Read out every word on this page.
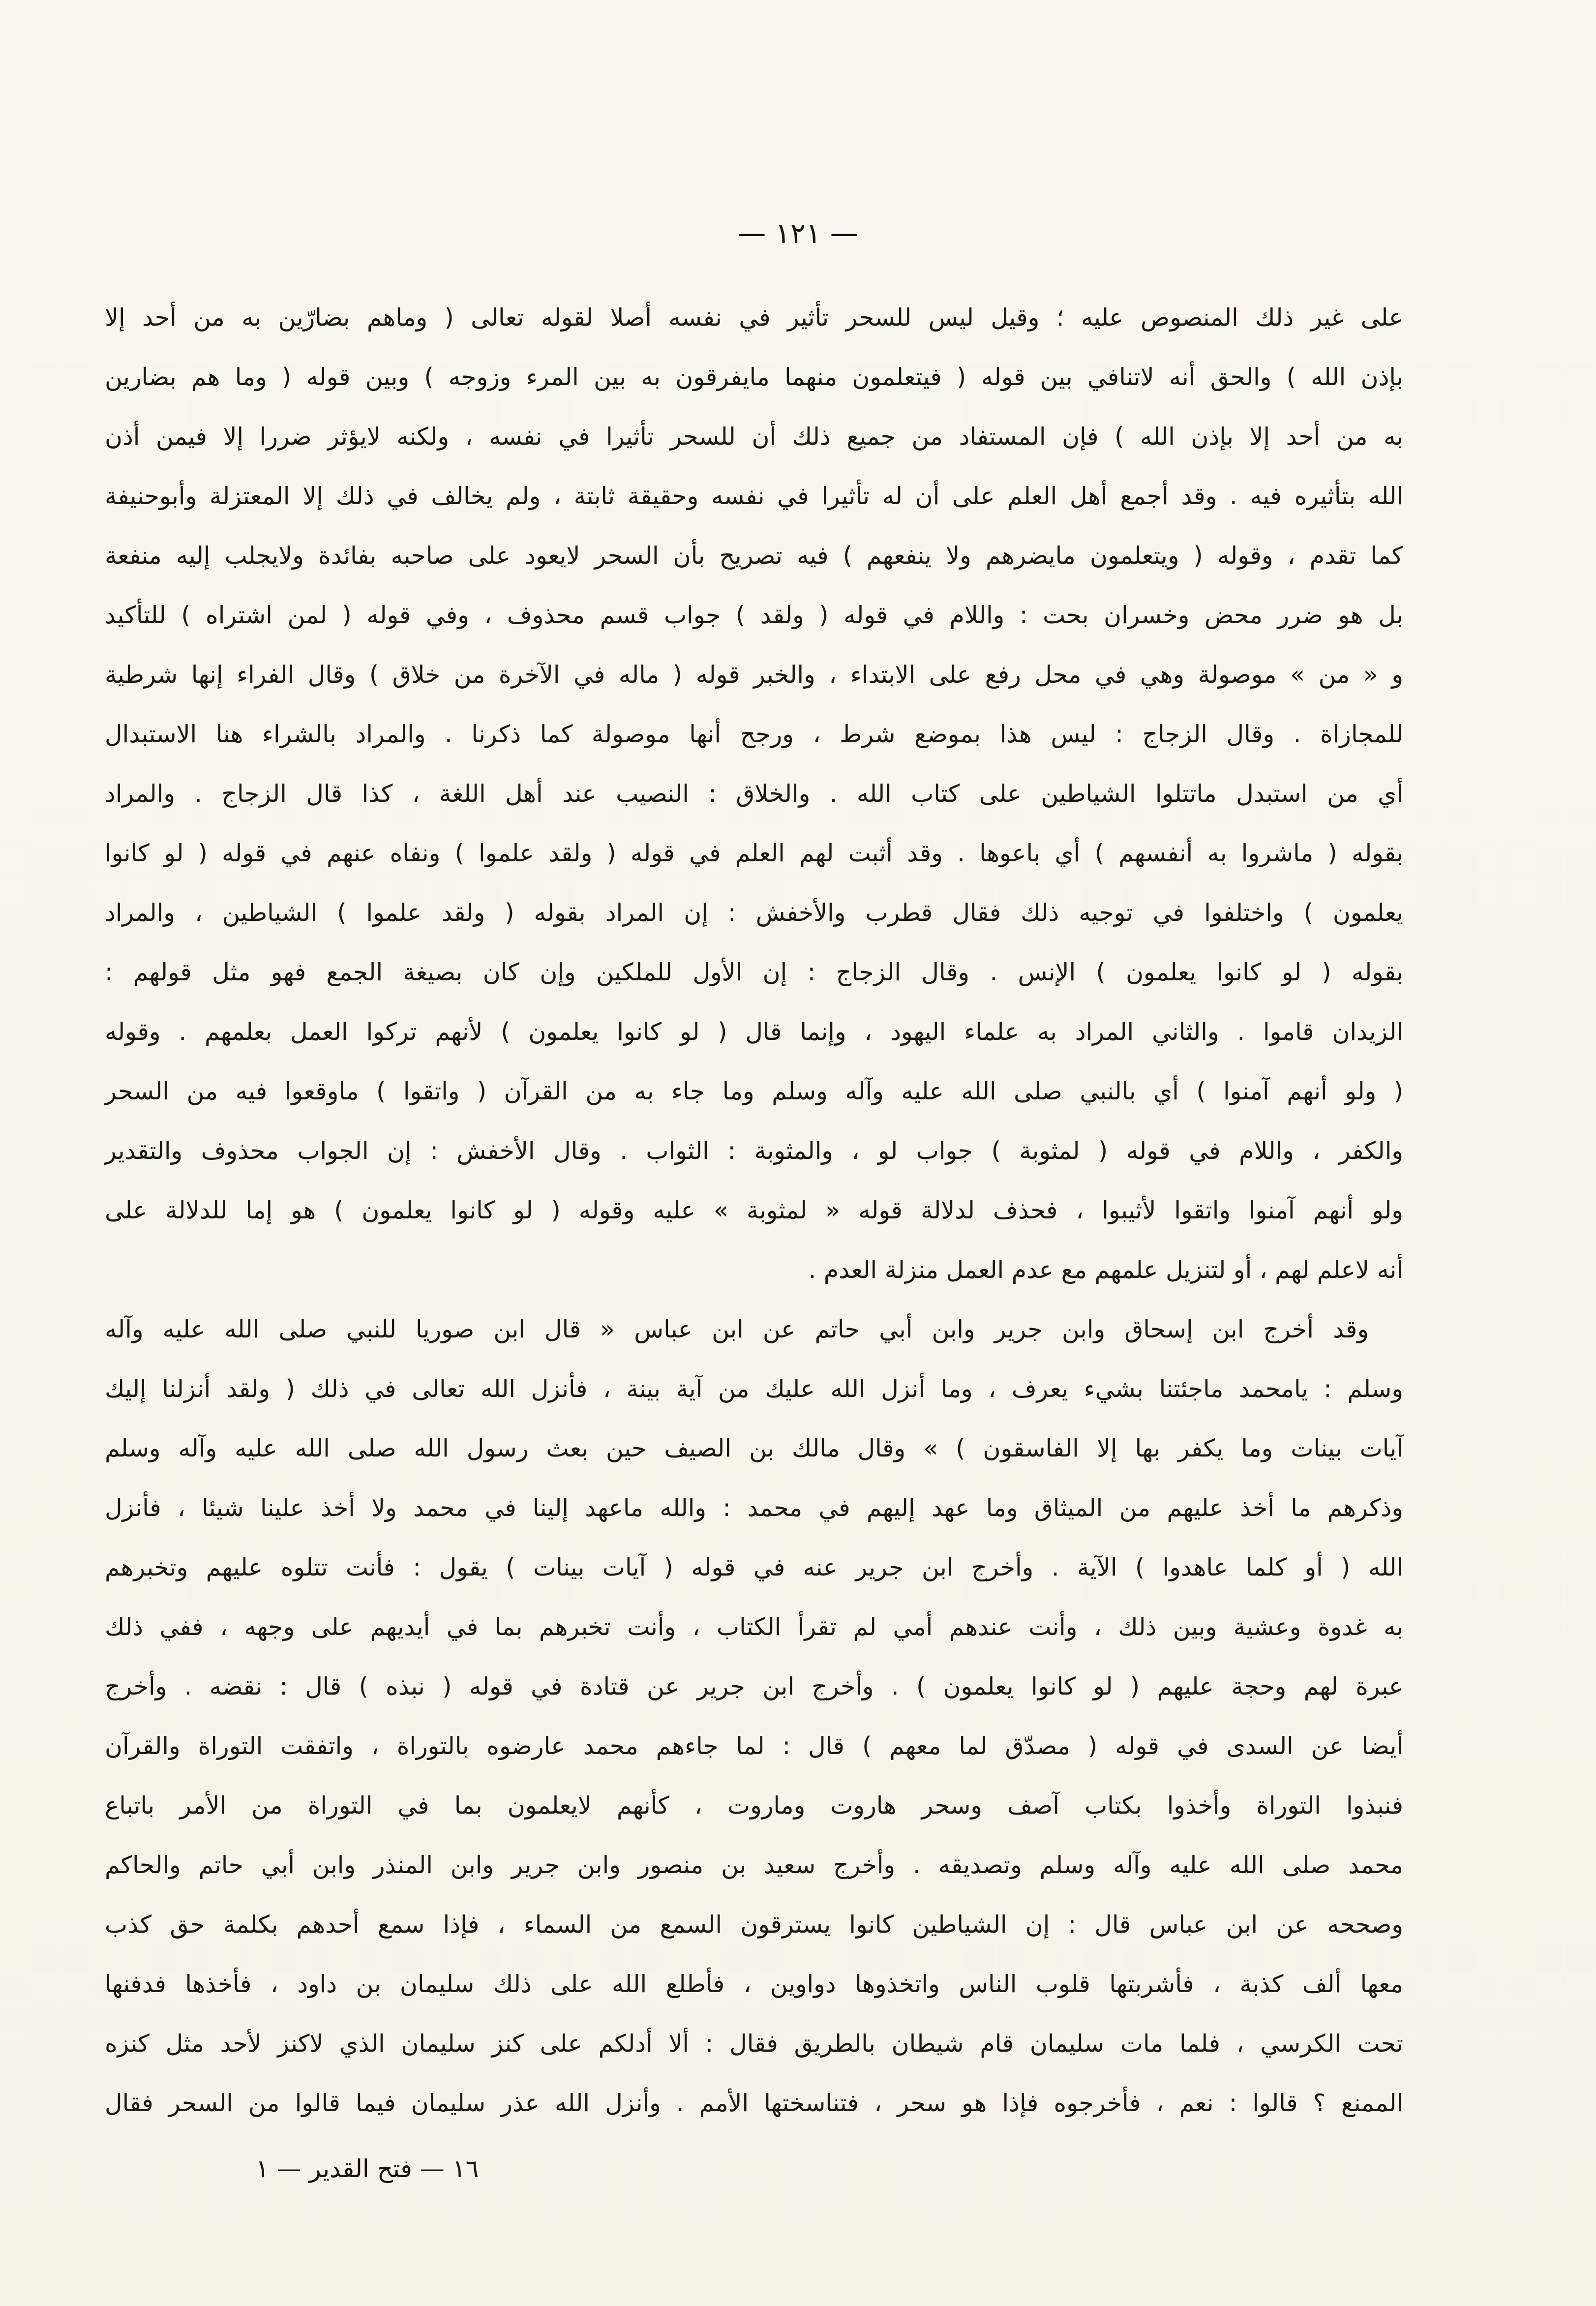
— ١٢١ —
على غير ذلك المنصوص عليه ؛ وقيل ليس للسحر تأثير في نفسه أصلا لقوله تعالى ( وماهم بضارّين به من أحد إلا
بإذن الله ) والحق أنه لاتنافي بين قوله ( فيتعلمون منهما مايفرقون به بين المرء وزوجه ) وبين قوله ( وما هم بضارين
به من أحد إلا بإذن الله ) فإن المستفاد من جميع ذلك أن للسحر تأثيرا في نفسه ، ولكنه لايؤثر ضررا إلا فيمن أذن
الله بتأثيره فيه . وقد أجمع أهل العلم على أن له تأثيرا في نفسه وحقيقة ثابتة ، ولم يخالف في ذلك إلا المعتزلة وأبوحنيفة
كما تقدم ، وقوله ( ويتعلمون مايضرهم ولا ينفعهم ) فيه تصريح بأن السحر لايعود على صاحبه بفائدة ولايجلب إليه منفعة
بل هو ضرر محض وخسران بحت : واللام في قوله ( ولقد ) جواب قسم محذوف ، وفي قوله ( لمن اشتراه ) للتأكيد
و « من » موصولة وهي في محل رفع على الابتداء ، والخبر قوله ( ماله في الآخرة من خلاق ) وقال الفراء إنها شرطية
للمجازاة . وقال الزجاج : ليس هذا بموضع شرط ، ورجح أنها موصولة كما ذكرنا . والمراد بالشراء هنا الاستبدال
أي من استبدل ماتتلوا الشياطين على كتاب الله . والخلاق : النصيب عند أهل اللغة ، كذا قال الزجاج . والمراد
بقوله ( ماشروا به أنفسهم ) أي باعوها . وقد أثبت لهم العلم في قوله ( ولقد علموا ) ونفاه عنهم في قوله ( لو كانوا
يعلمون ) واختلفوا في توجيه ذلك فقال قطرب والأخفش : إن المراد بقوله ( ولقد علموا ) الشياطين ، والمراد
بقوله ( لو كانوا يعلمون ) الإنس . وقال الزجاج : إن الأول للملكين وإن كان بصيغة الجمع فهو مثل قولهم :
الزيدان قاموا . والثاني المراد به علماء اليهود ، وإنما قال ( لو كانوا يعلمون ) لأنهم تركوا العمل بعلمهم . وقوله
( ولو أنهم آمنوا ) أي بالنبي صلى الله عليه وآله وسلم وما جاء به من القرآن ( واتقوا ) ماوقعوا فيه من السحر
والكفر ، واللام في قوله ( لمثوبة ) جواب لو ، والمثوبة : الثواب . وقال الأخفش : إن الجواب محذوف والتقدير
ولو أنهم آمنوا واتقوا لأثيبوا ، فحذف لدلالة قوله « لمثوبة » عليه وقوله ( لو كانوا يعلمون ) هو إما للدلالة على
أنه لاعلم لهم ، أو لتنزيل علمهم مع عدم العمل منزلة العدم .
وقد أخرج ابن إسحاق وابن جرير وابن أبي حاتم عن ابن عباس « قال ابن صوريا للنبي صلى الله عليه وآله
وسلم : يامحمد ماجئتنا بشيء يعرف ، وما أنزل الله عليك من آية بينة ، فأنزل الله تعالى في ذلك ( ولقد أنزلنا إليك
آيات بينات وما يكفر بها إلا الفاسقون ) » وقال مالك بن الصيف حين بعث رسول الله صلى الله عليه وآله وسلم
وذكرهم ما أخذ عليهم من الميثاق وما عهد إليهم في محمد : والله ماعهد إلينا في محمد ولا أخذ علينا شيئا ، فأنزل
الله ( أو كلما عاهدوا ) الآية . وأخرج ابن جرير عنه في قوله ( آيات بينات ) يقول : فأنت تتلوه عليهم وتخبرهم
به غدوة وعشية وبين ذلك ، وأنت عندهم أمي لم تقرأ الكتاب ، وأنت تخبرهم بما في أيديهم على وجهه ، ففي ذلك
عبرة لهم وحجة عليهم ( لو كانوا يعلمون ) . وأخرج ابن جرير عن قتادة في قوله ( نبذه ) قال : نقضه . وأخرج
أيضا عن السدى في قوله ( مصدّق لما معهم ) قال : لما جاءهم محمد عارضوه بالتوراة ، واتفقت التوراة والقرآن
فنبذوا التوراة وأخذوا بكتاب آصف وسحر هاروت وماروت ، كأنهم لايعلمون بما في التوراة من الأمر باتباع
محمد صلى الله عليه وآله وسلم وتصديقه . وأخرج سعيد بن منصور وابن جرير وابن المنذر وابن أبي حاتم والحاكم
وصححه عن ابن عباس قال : إن الشياطين كانوا يسترقون السمع من السماء ، فإذا سمع أحدهم بكلمة حق كذب
معها ألف كذبة ، فأشربتها قلوب الناس واتخذوها دواوين ، فأطلع الله على ذلك سليمان بن داود ، فأخذها فدفنها
تحت الكرسي ، فلما مات سليمان قام شيطان بالطريق فقال : ألا أدلكم على كنز سليمان الذي لاكنز لأحد مثل كنزه
الممنع ؟ قالوا : نعم ، فأخرجوه فإذا هو سحر ، فتناسختها الأمم . وأنزل الله عذر سليمان فيما قالوا من السحر فقال
١٦ — فتح القدير — ١
